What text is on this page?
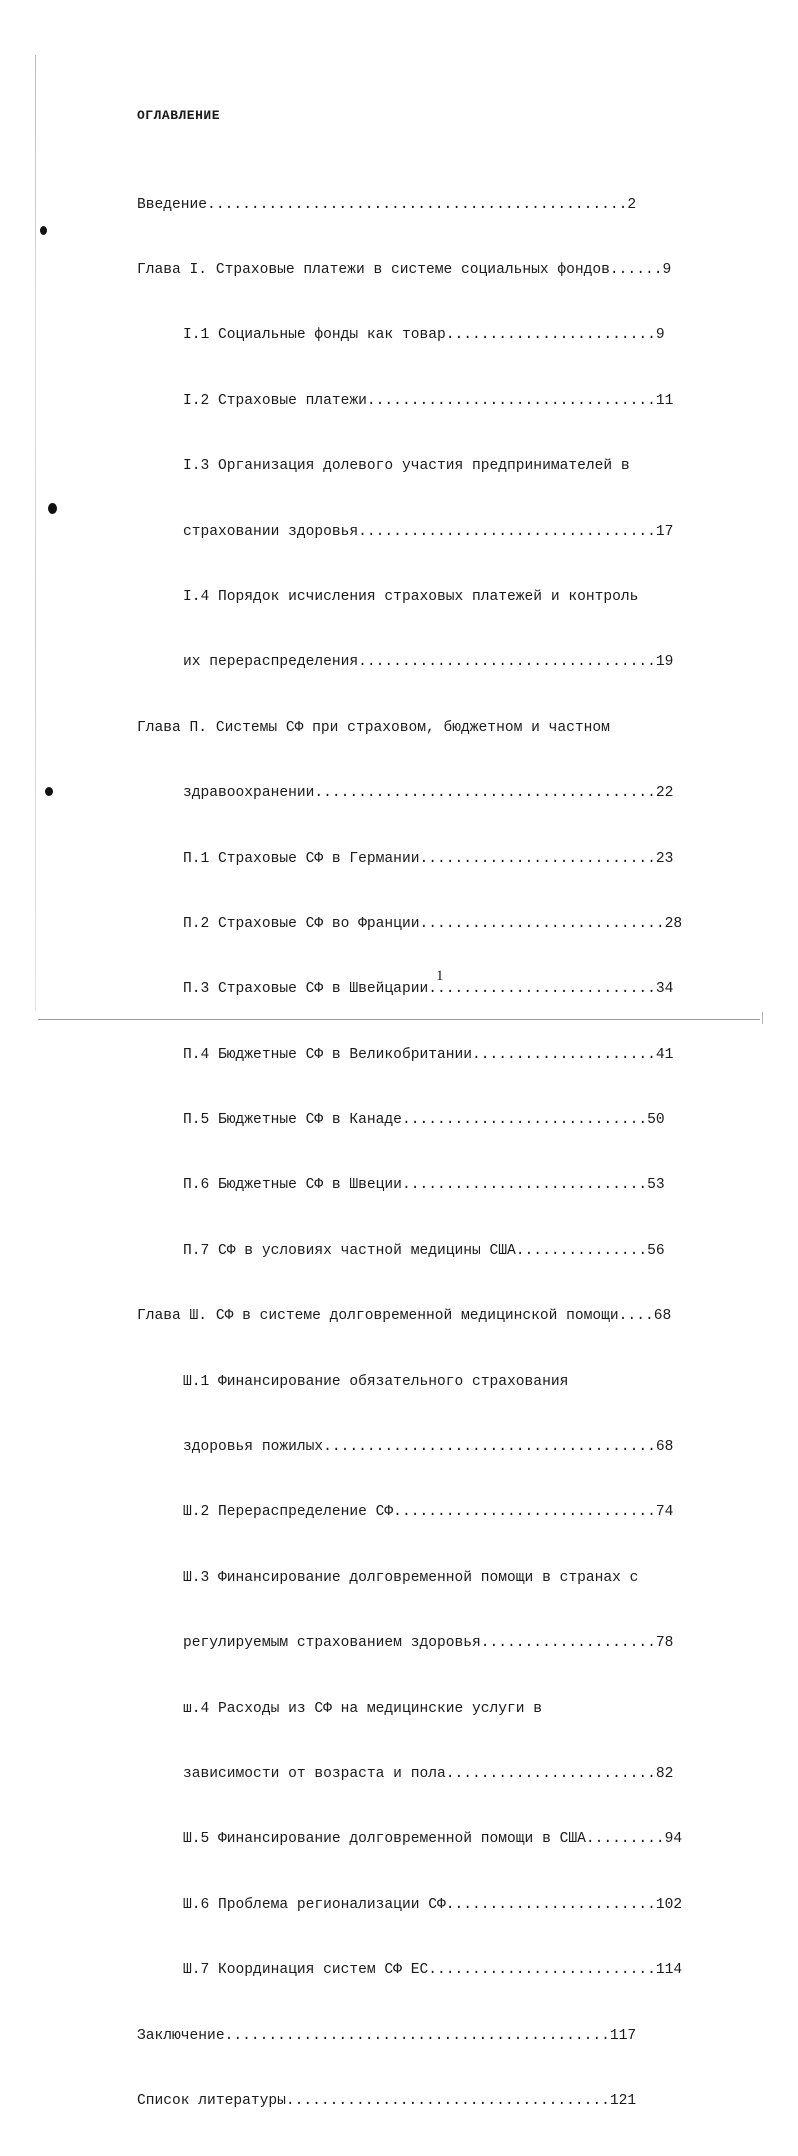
ОГЛАВЛЕНИЕ

Введение................................................2

Глава I. Страховые платежи в системе социальных фондов......9

I.1 Социальные фонды как товар........................9

I.2 Страховые платежи.................................11

I.3 Организация долевого участия предпринимателей в

страховании здоровья..................................17

I.4 Порядок исчисления страховых платежей и контроль

их перераспределения..................................19

Глава П. Системы СФ при страховом, бюджетном и частном

здравоохранении.......................................22

П.1 Страховые СФ в Германии...........................23

П.2 Страховые СФ во Франции............................28

П.3 Страховые СФ в Швейцарии..........................34

П.4 Бюджетные СФ в Великобритании.....................41

П.5 Бюджетные СФ в Канаде............................50

П.6 Бюджетные СФ в Швеции............................53

П.7 СФ в условиях частной медицины США...............56

Глава Ш. СФ в системе долговременной медицинской помощи....68

Ш.1 Финансирование обязательного страхования

здоровья пожилых......................................68

Ш.2 Перераспределение СФ..............................74

Ш.3 Финансирование долговременной помощи в странах с

регулируемым страхованием здоровья....................78

ш.4 Расходы из СФ на медицинские услуги в

зависимости от возраста и пола........................82

Ш.5 Финансирование долговременной помощи в США.........94

Ш.6 Проблема регионализации СФ........................102

Ш.7 Координация систем СФ ЕС..........................114

Заключение............................................117

Список литературы.....................................121

1
